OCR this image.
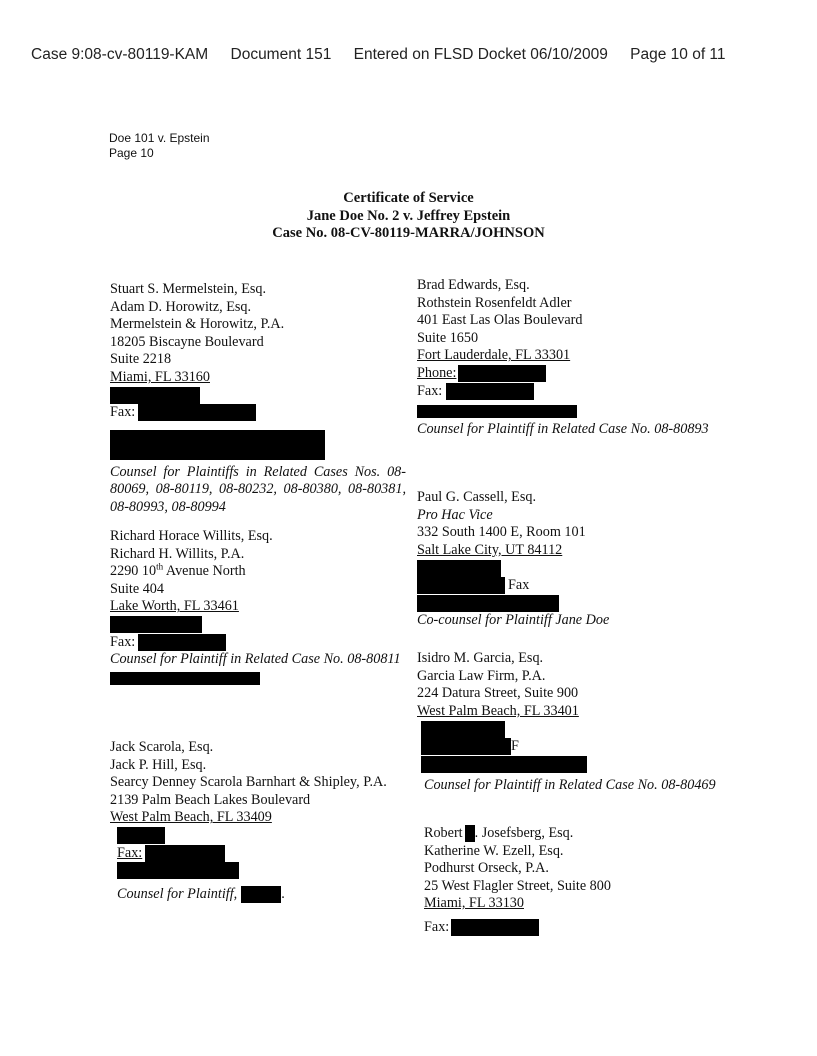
Case 9:08-cv-80119-KAM Document 151 Entered on FLSD Docket 06/10/2009 Page 10 of 11
Doe 101 v. Epstein
Page 10
Certificate of Service
Jane Doe No. 2 v. Jeffrey Epstein
Case No. 08-CV-80119-MARRA/JOHNSON
Stuart S. Mermelstein, Esq.
Adam D. Horowitz, Esq.
Mermelstein & Horowitz, P.A.
18205 Biscayne Boulevard
Suite 2218
Miami, FL 33160
Fax:
Counsel for Plaintiffs in Related Cases Nos. 08-80069, 08-80119, 08-80232, 08-80380, 08-80381, 08-80993, 08-80994
Richard Horace Willits, Esq.
Richard H. Willits, P.A.
2290 10th Avenue North
Suite 404
Lake Worth, FL 33461
Fax:
Counsel for Plaintiff in Related Case No. 08-80811
Jack Scarola, Esq.
Jack P. Hill, Esq.
Searcy Denney Scarola Barnhart & Shipley, P.A.
2139 Palm Beach Lakes Boulevard
West Palm Beach, FL 33409
Fax:
Counsel for Plaintiff,	.
Brad Edwards, Esq.
Rothstein Rosenfeldt Adler
401 East Las Olas Boulevard
Suite 1650
Fort Lauderdale, FL 33301
Phone:
Fax:
Counsel for Plaintiff in Related Case No. 08-80893
Paul G. Cassell, Esq.
Pro Hac Vice
332 South 1400 E, Room 101
Salt Lake City, UT 84112
Fax
Co-counsel for Plaintiff Jane Doe
Isidro M. Garcia, Esq.
Garcia Law Firm, P.A.
224 Datura Street, Suite 900
West Palm Beach, FL 33401
F
Counsel for Plaintiff in Related Case No. 08-80469
Robert . Josefsberg, Esq.
Katherine W. Ezell, Esq.
Podhurst Orseck, P.A.
25 West Flagler Street, Suite 800
Miami, FL 33130
Fax:
